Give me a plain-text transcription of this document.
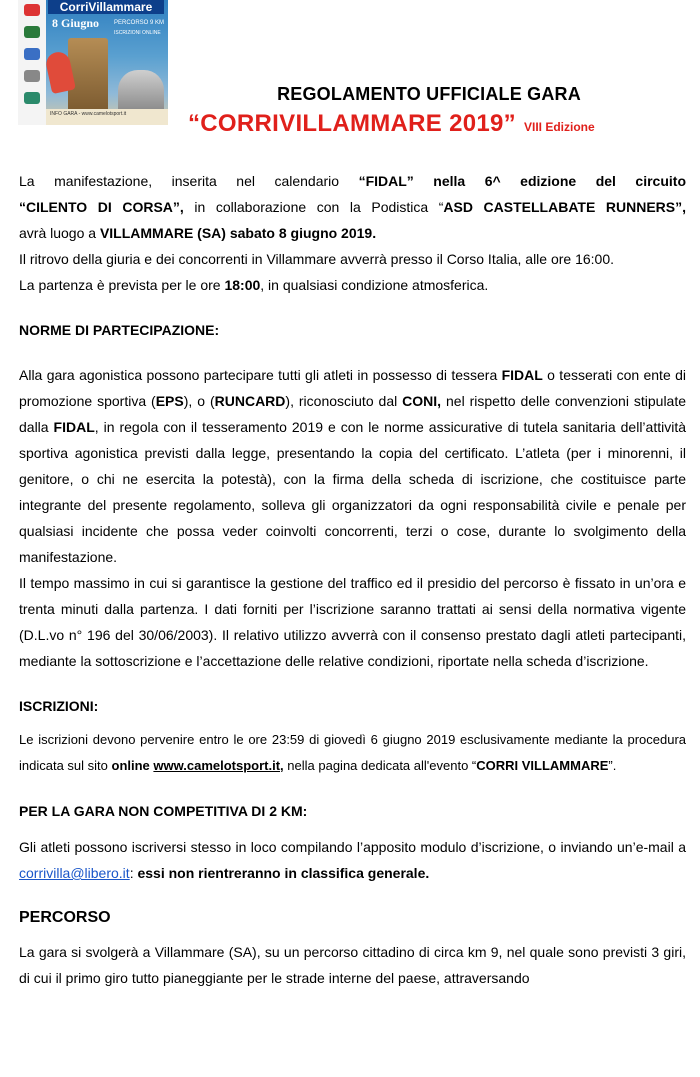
CorriVillammare
8 Giugno PERCORSO 9 KM
ISCRIZIONI ONLINE
INFO GARA - www.camelotsport.it
REGOLAMENTO UFFICIALE GARA
“CORRIVILLAMMARE 2019” VIII Edizione

La manifestazione, inserita nel calendario “FIDAL” nella 6^ edizione del circuito

“CILENTO DI CORSA”, in collaborazione con la Podistica “ASD CASTELLABATE RUNNERS”,

avrà luogo a VILLAMMARE (SA) sabato 8 giugno 2019.

Il ritrovo della giuria e dei concorrenti in Villammare avverrà presso il Corso Italia, alle ore 16:00.

La partenza è prevista per le ore 18:00, in qualsiasi condizione atmosferica.

NORME DI PARTECIPAZIONE:

Alla gara agonistica possono partecipare tutti gli atleti in possesso di tessera FIDAL o tesserati con ente di promozione sportiva (EPS), o (RUNCARD), riconosciuto dal CONI, nel rispetto delle convenzioni stipulate dalla FIDAL, in regola con il tesseramento 2019 e con le norme assicurative di tutela sanitaria dell’attività sportiva agonistica previsti dalla legge, presentando la copia del certificato. L’atleta (per i minorenni, il genitore, o chi ne esercita la potestà), con la firma della scheda di iscrizione, che costituisce parte integrante del presente regolamento, solleva gli organizzatori da ogni responsabilità civile e penale per qualsiasi incidente che possa veder coinvolti concorrenti, terzi o cose, durante lo svolgimento della manifestazione.

Il tempo massimo in cui si garantisce la gestione del traffico ed il presidio del percorso è fissato in un’ora e trenta minuti dalla partenza. I dati forniti per l’iscrizione saranno trattati ai sensi della normativa vigente (D.L.vo n° 196 del 30/06/2003). Il relativo utilizzo avverrà con il consenso prestato dagli atleti partecipanti, mediante la sottoscrizione e l’accettazione delle relative condizioni, riportate nella scheda d’iscrizione.

ISCRIZIONI:

Le iscrizioni devono pervenire entro le ore 23:59 di giovedì 6 giugno 2019 esclusivamente mediante la procedura indicata sul sito online www.camelotsport.it, nella pagina dedicata all'evento “CORRI VILLAMMARE”.

PER LA GARA NON COMPETITIVA DI 2 KM:

Gli atleti possono iscriversi stesso in loco compilando l’apposito modulo d’iscrizione, o inviando un’e-mail a corrivilla@libero.it: essi non rientreranno in classifica generale.

PERCORSO

La gara si svolgerà a Villammare (SA), su un percorso cittadino di circa km 9, nel quale sono previsti 3 giri, di cui il primo giro tutto pianeggiante per le strade interne del paese, attraversando
